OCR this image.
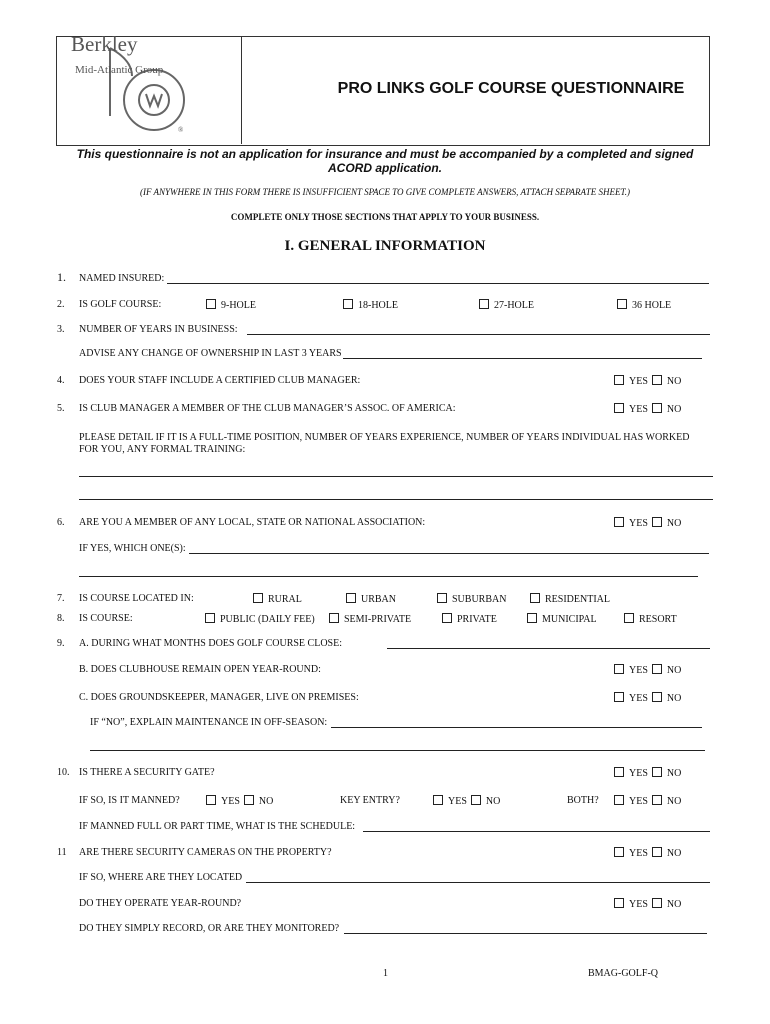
®
Berkley
Mid-Atlantic Group
PRO LINKS GOLF COURSE QUESTIONNAIRE
This questionnaire is not an application for insurance and must be accompanied by a completed and signed ACORD application.
(IF ANYWHERE IN THIS FORM THERE IS INSUFFICIENT SPACE TO GIVE COMPLETE ANSWERS, ATTACH SEPARATE SHEET.)
COMPLETE ONLY THOSE SECTIONS THAT APPLY TO YOUR BUSINESS.
I. GENERAL INFORMATION
1. NAMED INSURED:
2. IS GOLF COURSE:	9-HOLE	18-HOLE	27-HOLE	36 HOLE
3. NUMBER OF YEARS IN BUSINESS:
ADVISE ANY CHANGE OF OWNERSHIP IN LAST 3 YEARS
4. DOES YOUR STAFF INCLUDE A CERTIFIED CLUB MANAGER:	YES NO
5. IS CLUB MANAGER A MEMBER OF THE CLUB MANAGER’S ASSOC. OF AMERICA:	YES NO
PLEASE DETAIL IF IT IS A FULL-TIME POSITION, NUMBER OF YEARS EXPERIENCE, NUMBER OF YEARS INDIVIDUAL HAS WORKED
FOR YOU, ANY FORMAL TRAINING:
6. ARE YOU A MEMBER OF ANY LOCAL, STATE OR NATIONAL ASSOCIATION:	YES NO
IF YES, WHICH ONE(S):
7. IS COURSE LOCATED IN:	RURAL	URBAN	SUBURBAN	RESIDENTIAL
8. IS COURSE:	PUBLIC (DAILY FEE)	SEMI-PRIVATE	PRIVATE	MUNICIPAL	RESORT
9. A. DURING WHAT MONTHS DOES GOLF COURSE CLOSE:
B. DOES CLUBHOUSE REMAIN OPEN YEAR-ROUND:	YES NO
C. DOES GROUNDSKEEPER, MANAGER, LIVE ON PREMISES:	YES NO
IF “NO”, EXPLAIN MAINTENANCE IN OFF-SEASON:
10. IS THERE A SECURITY GATE?	YES NO
IF SO, IS IT MANNED?	YES NO	KEY ENTRY?	YES NO	BOTH?	YES NO
IF MANNED FULL OR PART TIME, WHAT IS THE SCHEDULE:
11 ARE THERE SECURITY CAMERAS ON THE PROPERTY?	YES NO
IF SO, WHERE ARE THEY LOCATED
DO THEY OPERATE YEAR-ROUND?	YES NO
DO THEY SIMPLY RECORD, OR ARE THEY MONITORED?
1	BMAG-GOLF-Q
